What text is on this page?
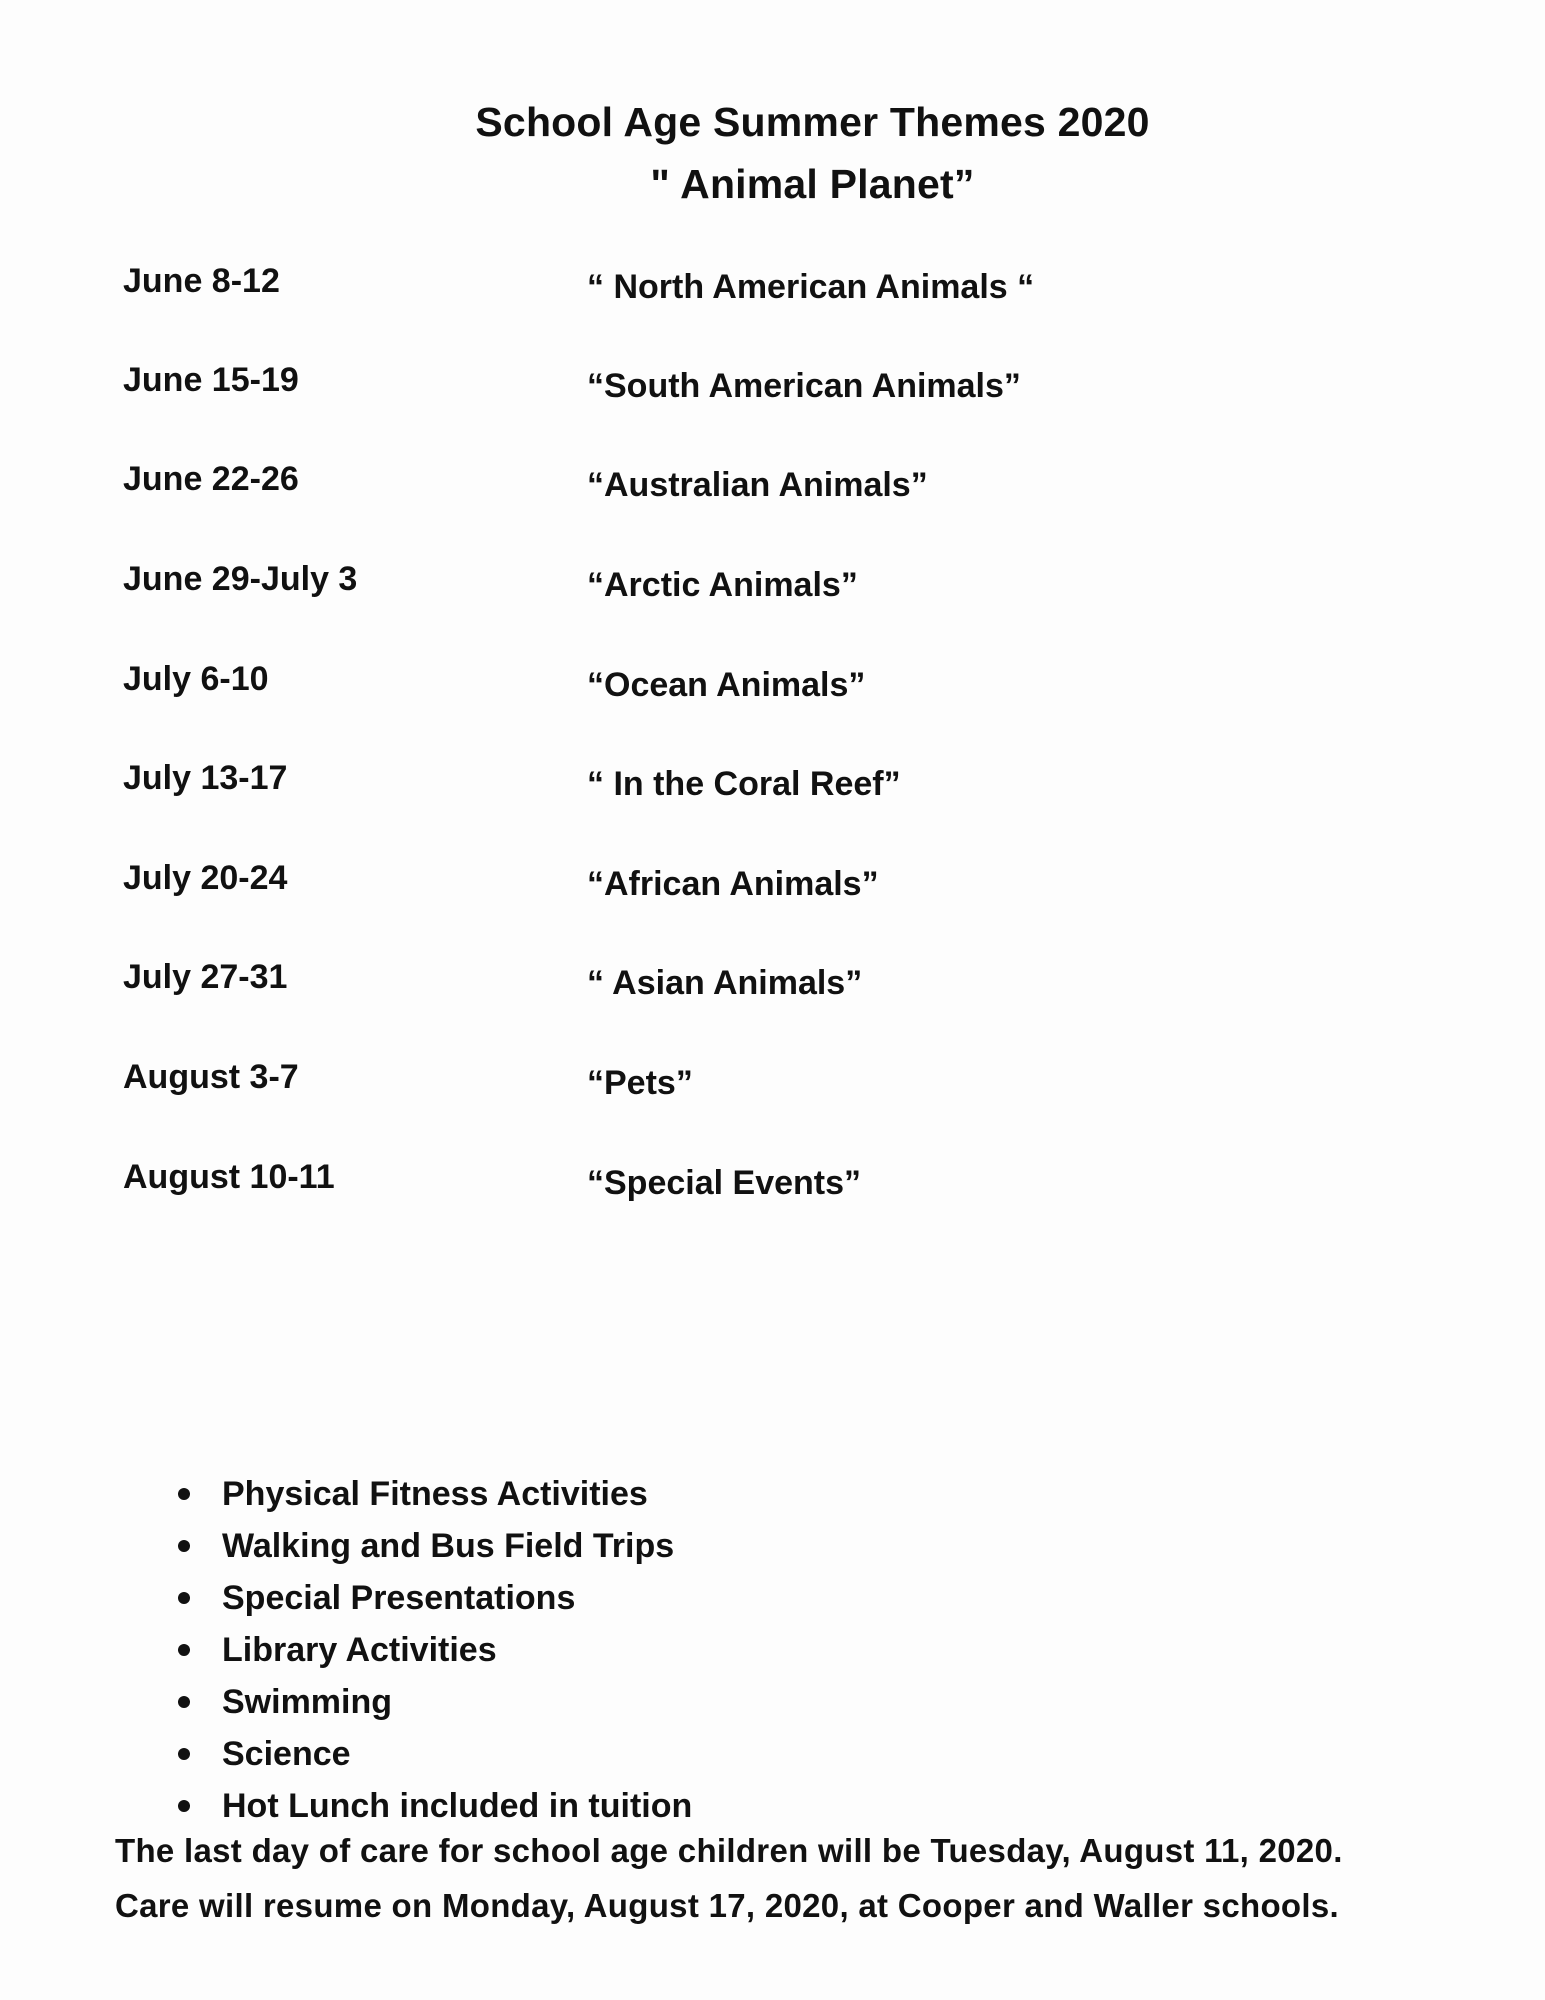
School Age Summer Themes 2020
" Animal Planet”
June 8-12	“ North American Animals “
June 15-19	“South American Animals”
June 22-26	“Australian Animals”
June 29-July 3	“Arctic Animals”
July 6-10	“Ocean Animals”
July 13-17	“ In the Coral Reef”
July 20-24	“African Animals”
July 27-31	“ Asian Animals”
August 3-7	“Pets”
August 10-11	“Special Events”
Physical Fitness Activities
Walking and Bus Field Trips
Special Presentations
Library Activities
Swimming
Science
Hot Lunch included in tuition
The last day of care for school age children will be Tuesday, August 11, 2020.
Care will resume on Monday, August 17, 2020, at Cooper and Waller schools.
